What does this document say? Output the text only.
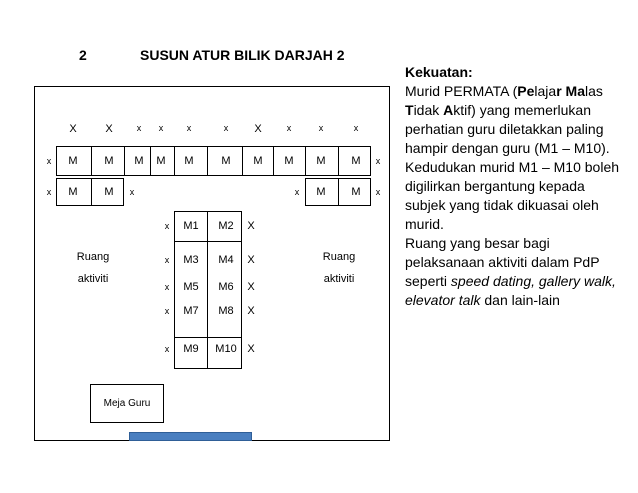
2	SUSUN ATUR BILIK DARJAH 2
X	X	x x	x	x X	x	x	x
M M M M M	M M M M M
x	x
M M
x	x	M M
x	x
x M1 M2 X
x M3 M4 X
x M5 M6 X
x M7 M8 X
x M9 M10 X
Ruang
aktiviti
Ruang
aktiviti
Meja Guru

Kekuatan:

Murid PERMATA (Pelajar Malas Tidak Aktif) yang memerlukan perhatian guru diletakkan paling hampir dengan guru (M1 – M10).

Kedudukan murid M1 – M10 boleh digilirkan bergantung kepada subjek yang tidak dikuasai oleh murid.

Ruang yang besar bagi pelaksanaan aktiviti dalam PdP seperti speed dating, gallery walk, elevator talk dan lain-lain
